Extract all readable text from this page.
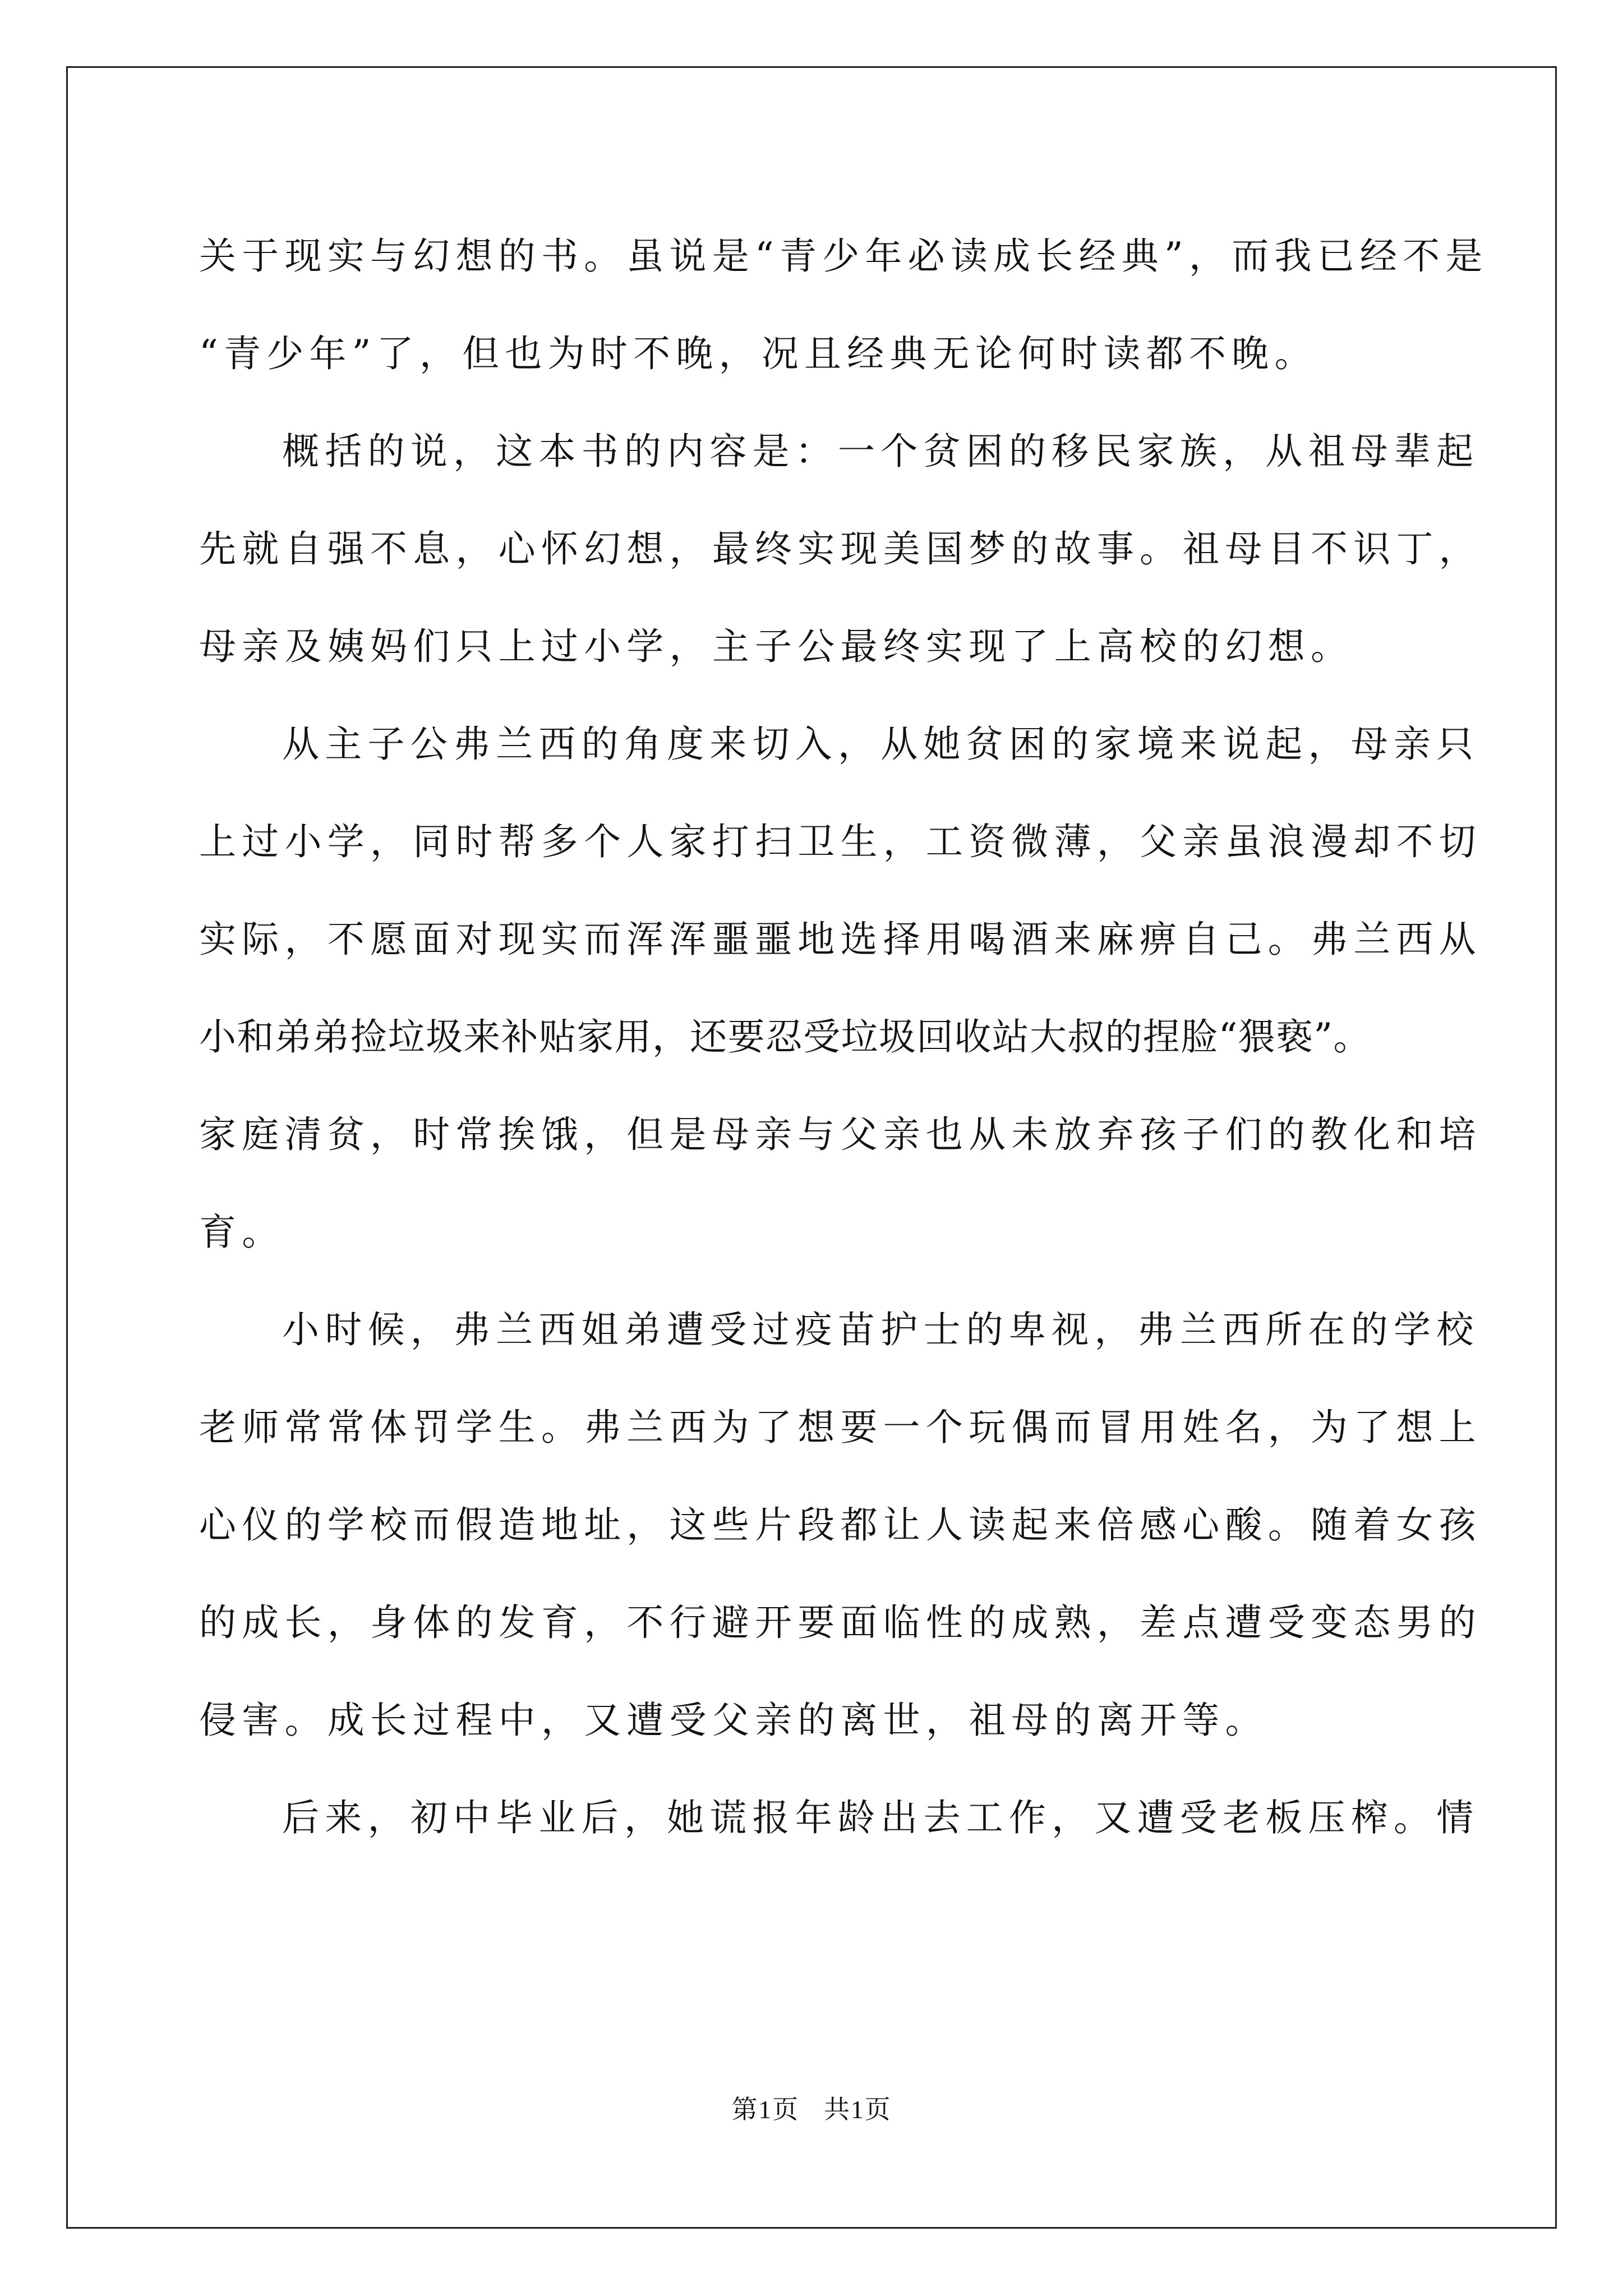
关于现实与幻想的书。虽说是“青少年必读成长经典”，而我已经不是
“青少年”了，但也为时不晚，况且经典无论何时读都不晚。
概括的说，这本书的内容是：一个贫困的移民家族，从祖母辈起
先就自强不息，心怀幻想，最终实现美国梦的故事。祖母目不识丁，
母亲及姨妈们只上过小学，主子公最终实现了上高校的幻想。
从主子公弗兰西的角度来切入，从她贫困的家境来说起，母亲只
上过小学，同时帮多个人家打扫卫生，工资微薄，父亲虽浪漫却不切
实际，不愿面对现实而浑浑噩噩地选择用喝酒来麻痹自己。弗兰西从
小和弟弟捡垃圾来补贴家用，还要忍受垃圾回收站大叔的捏脸“猥亵”。
家庭清贫，时常挨饿，但是母亲与父亲也从未放弃孩子们的教化和培
育。
小时候，弗兰西姐弟遭受过疫苗护士的卑视，弗兰西所在的学校
老师常常体罚学生。弗兰西为了想要一个玩偶而冒用姓名，为了想上
心仪的学校而假造地址，这些片段都让人读起来倍感心酸。随着女孩
的成长，身体的发育，不行避开要面临性的成熟，差点遭受变态男的
侵害。成长过程中，又遭受父亲的离世，祖母的离开等。
后来，初中毕业后，她谎报年龄出去工作，又遭受老板压榨。情
第1页 共1页
